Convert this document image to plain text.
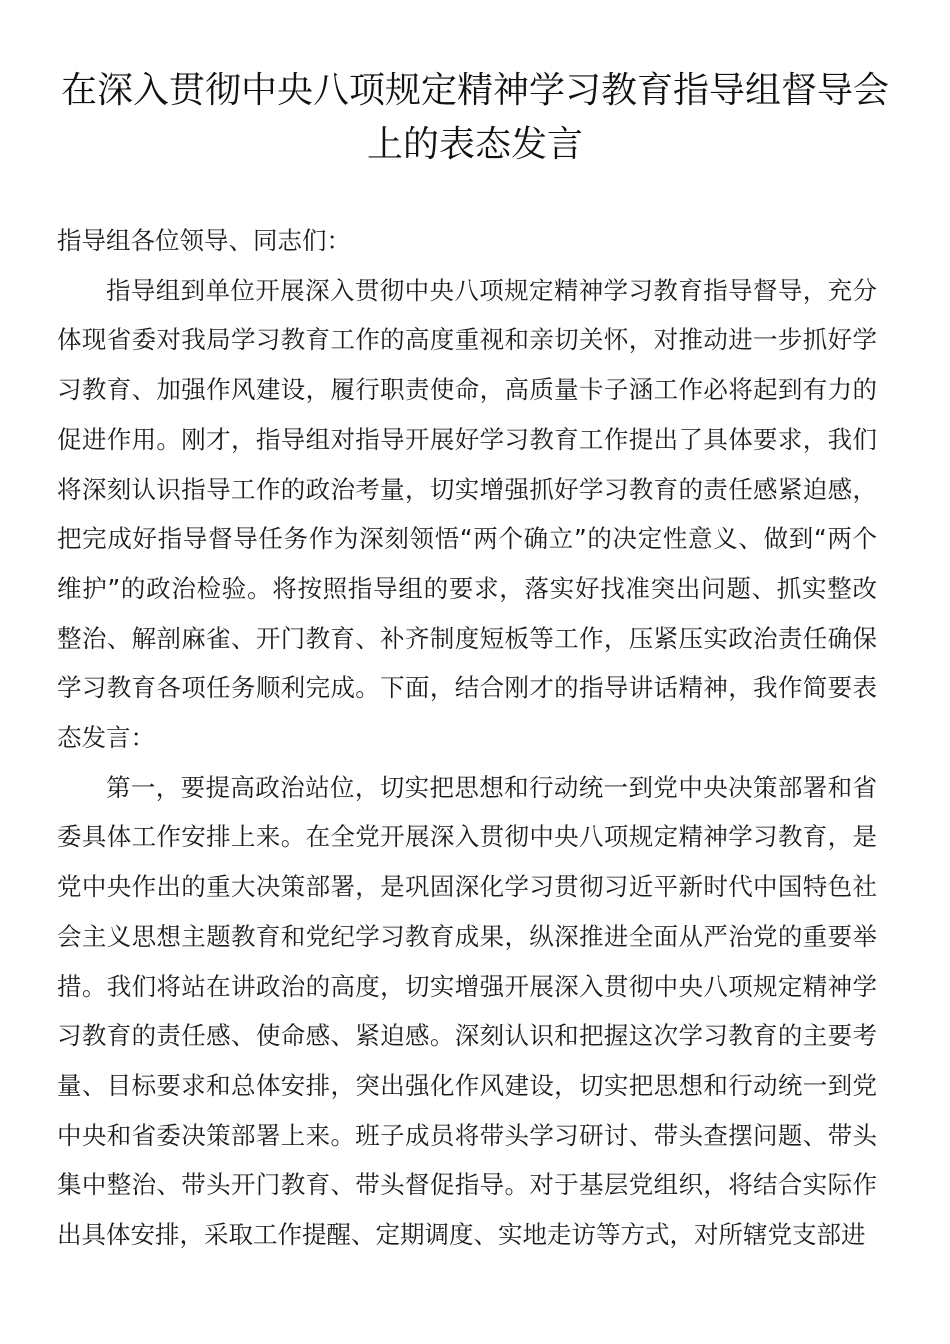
在深入贯彻中央八项规定精神学习教育指导组督导会上的表态发言

指导组各位领导、同志们：

指导组到单位开展深入贯彻中央八项规定精神学习教育指导督导，充分体现省委对我局学习教育工作的高度重视和亲切关怀，对推动进一步抓好学习教育、加强作风建设，履行职责使命，高质量卡子涵工作必将起到有力的促进作用。刚才，指导组对指导开展好学习教育工作提出了具体要求，我们将深刻认识指导工作的政治考量，切实增强抓好学习教育的责任感紧迫感，把完成好指导督导任务作为深刻领悟“两个确立”的决定性意义、做到“两个维护”的政治检验。将按照指导组的要求，落实好找准突出问题、抓实整改整治、解剖麻雀、开门教育、补齐制度短板等工作，压紧压实政治责任确保学习教育各项任务顺利完成。下面，结合刚才的指导讲话精神，我作简要表态发言：

第一，要提高政治站位，切实把思想和行动统一到党中央决策部署和省委具体工作安排上来。在全党开展深入贯彻中央八项规定精神学习教育，是党中央作出的重大决策部署，是巩固深化学习贯彻习近平新时代中国特色社会主义思想主题教育和党纪学习教育成果，纵深推进全面从严治党的重要举措。我们将站在讲政治的高度，切实增强开展深入贯彻中央八项规定精神学习教育的责任感、使命感、紧迫感。深刻认识和把握这次学习教育的主要考量、目标要求和总体安排，突出强化作风建设，切实把思想和行动统一到党中央和省委决策部署上来。班子成员将带头学习研讨、带头查摆问题、带头集中整治、带头开门教育、带头督促指导。对于基层党组织，将结合实际作出具体安排，采取工作提醒、定期调度、实地走访等方式，对所辖党支部进
